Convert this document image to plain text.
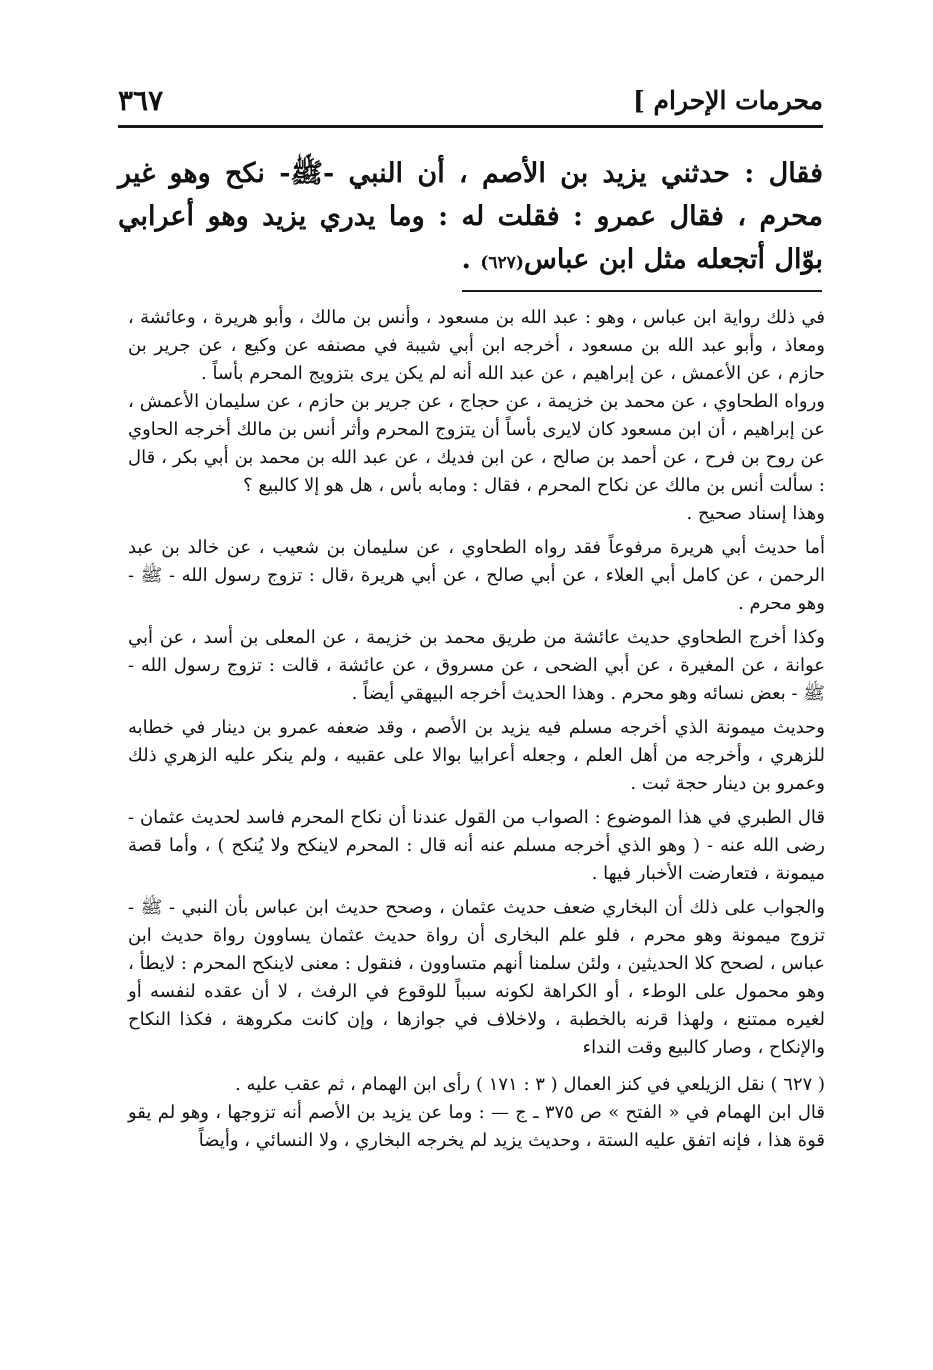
محرمات الإحرام ]
٣٦٧

فقال : حدثني يزيد بن الأصم ، أن النبي -ﷺ- نكح وهو غير محرم ، فقال عمرو : فقلت له : وما يدري يزيد وهو أعرابي بوّال أتجعله مثل ابن عباس(٦٢٧) .

في ذلك رواية ابن عباس ، وهو : عبد الله بن مسعود ، وأنس بن مالك ، وأبو هريرة ، وعائشة ، ومعاذ ، وأبو عبد الله بن مسعود ، أخرجه ابن أبي شيبة في مصنفه عن وكيع ، عن جرير بن حازم ، عن الأعمش ، عن إبراهيم ، عن عبد الله أنه لم يكن يرى بتزويج المحرم بأساً .

ورواه الطحاوي ، عن محمد بن خزيمة ، عن حجاج ، عن جرير بن حازم ، عن سليمان الأعمش ، عن إبراهيم ، أن ابن مسعود كان لايرى بأساً أن يتزوج المحرم وأثر أنس بن مالك أخرجه الحاوي عن روح بن فرح ، عن أحمد بن صالح ، عن ابن فديك ، عن عبد الله بن محمد بن أبي بكر ، قال : سألت أنس بن مالك عن نكاح المحرم ، فقال : ومابه بأس ، هل هو إلا كالبيع ؟

وهذا إسناد صحيح .

أما حديث أبي هريرة مرفوعاً فقد رواه الطحاوي ، عن سليمان بن شعيب ، عن خالد بن عبد الرحمن ، عن كامل أبي العلاء ، عن أبي صالح ، عن أبي هريرة ،قال : تزوج رسول الله - ﷺ - وهو محرم .

وكذا أخرج الطحاوي حديث عائشة من طريق محمد بن خزيمة ، عن المعلى بن أسد ، عن أبي عوانة ، عن المغيرة ، عن أبي الضحى ، عن مسروق ، عن عائشة ، قالت : تزوج رسول الله - ﷺ - بعض نسائه وهو محرم . وهذا الحديث أخرجه البيهقي أيضاً .

وحديث ميمونة الذي أخرجه مسلم فيه يزيد بن الأصم ، وقد ضعفه عمرو بن دينار في خطابه للزهري ، وأخرجه من أهل العلم ، وجعله أعرابيا بوالا على عقبيه ، ولم ينكر عليه الزهري ذلك وعمرو بن دينار حجة ثبت .

قال الطبري في هذا الموضوع : الصواب من القول عندنا أن نكاح المحرم فاسد لحديث عثمان - رضى الله عنه - ( وهو الذي أخرجه مسلم عنه أنه قال : المحرم لاينكح ولا يُنكح ) ، وأما قصة ميمونة ، فتعارضت الأخبار فيها .

والجواب على ذلك أن البخاري ضعف حديث عثمان ، وصحح حديث ابن عباس بأن النبي - ﷺ - تزوج ميمونة وهو محرم ، فلو علم البخارى أن رواة حديث عثمان يساوون رواة حديث ابن عباس ، لصحح كلا الحديثين ، ولئن سلمنا أنهم متساوون ، فنقول : معنى لاينكح المحرم : لايطأ ، وهو محمول على الوطء ، أو الكراهة لكونه سبباً للوقوع في الرفث ، لا أن عقده لنفسه أو لغيره ممتنع ، ولهذا قرنه بالخطبة ، ولاخلاف في جوازها ، وإن كانت مكروهة ، فكذا النكاح والإنكاح ، وصار كالبيع وقت النداء

( ٦٢٧ ) نقل الزيلعي في كنز العمال ( ٣ : ١٧١ ) رأى ابن الهمام ، ثم عقب عليه .

قال ابن الهمام في « الفتح » ص ٣٧٥ ـ ج — : وما عن يزيد بن الأصم أنه تزوجها ، وهو لم يقو قوة هذا ، فإنه اتفق عليه الستة ، وحديث يزيد لم يخرجه البخاري ، ولا النسائي ، وأيضاً
